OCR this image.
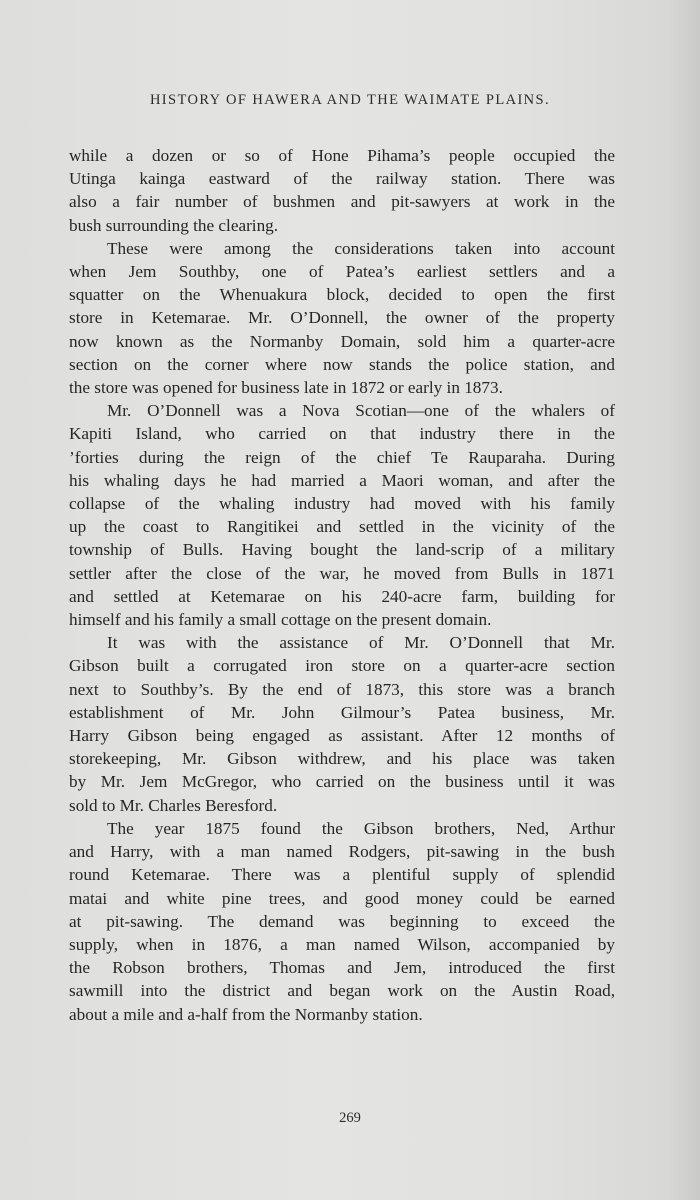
HISTORY OF HAWERA AND THE WAIMATE PLAINS.
while a dozen or so of Hone Pihama’s people occupied the
Utinga kainga eastward of the railway station. There was
also a fair number of bushmen and pit-sawyers at work in the
bush surrounding the clearing.
These were among the considerations taken into account
when Jem Southby, one of Patea’s earliest settlers and a
squatter on the Whenuakura block, decided to open the first
store in Ketemarae. Mr. O’Donnell, the owner of the property
now known as the Normanby Domain, sold him a quarter-acre
section on the corner where now stands the police station, and
the store was opened for business late in 1872 or early in 1873.
Mr. O’Donnell was a Nova Scotian—one of the whalers of
Kapiti Island, who carried on that industry there in the
’forties during the reign of the chief Te Rauparaha. During
his whaling days he had married a Maori woman, and after the
collapse of the whaling industry had moved with his family
up the coast to Rangitikei and settled in the vicinity of the
township of Bulls. Having bought the land-scrip of a military
settler after the close of the war, he moved from Bulls in 1871
and settled at Ketemarae on his 240-acre farm, building for
himself and his family a small cottage on the present domain.
It was with the assistance of Mr. O’Donnell that Mr.
Gibson built a corrugated iron store on a quarter-acre section
next to Southby’s. By the end of 1873, this store was a branch
establishment of Mr. John Gilmour’s Patea business, Mr.
Harry Gibson being engaged as assistant. After 12 months of
storekeeping, Mr. Gibson withdrew, and his place was taken
by Mr. Jem McGregor, who carried on the business until it was
sold to Mr. Charles Beresford.
The year 1875 found the Gibson brothers, Ned, Arthur
and Harry, with a man named Rodgers, pit-sawing in the bush
round Ketemarae. There was a plentiful supply of splendid
matai and white pine trees, and good money could be earned
at pit-sawing. The demand was beginning to exceed the
supply, when in 1876, a man named Wilson, accompanied by
the Robson brothers, Thomas and Jem, introduced the first
sawmill into the district and began work on the Austin Road,
about a mile and a-half from the Normanby station.
269
